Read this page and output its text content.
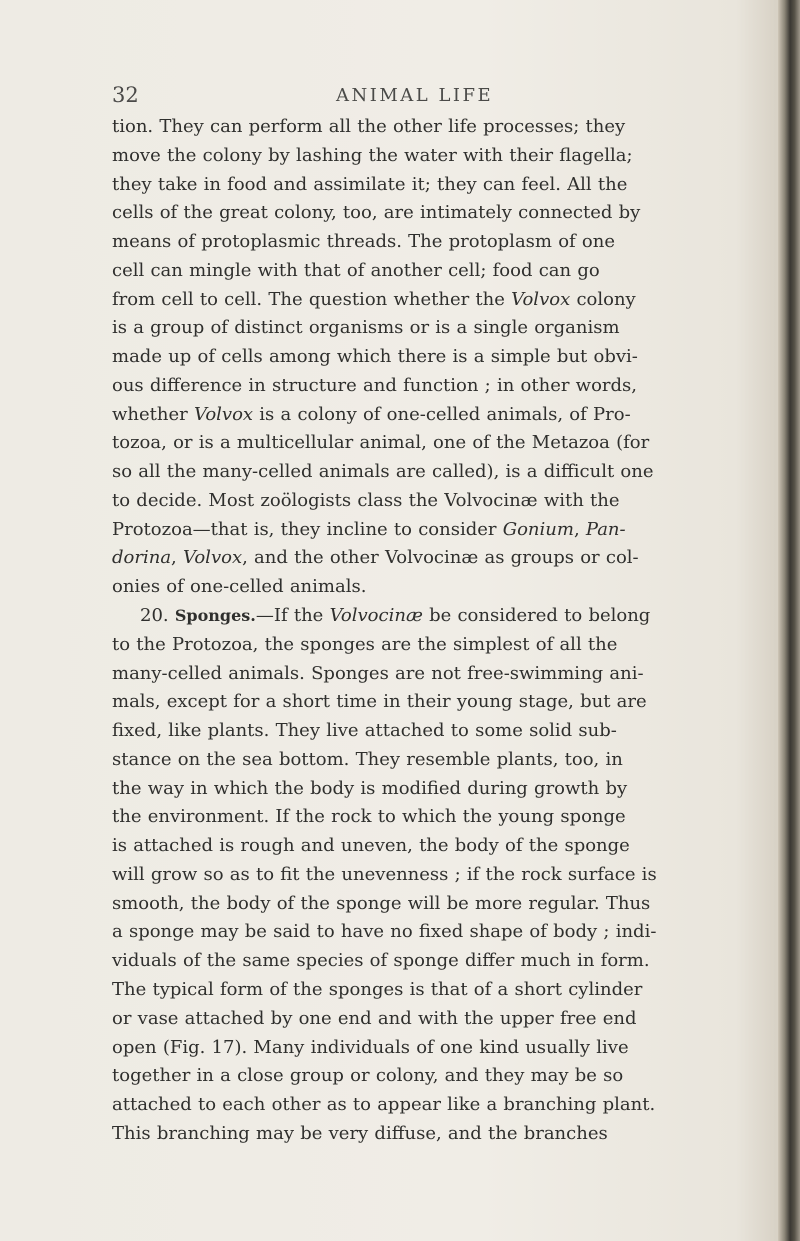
32	ANIMAL LIFE
tion. They can perform all the other life processes; they
move the colony by lashing the water with their flagella;
they take in food and assimilate it; they can feel. All the
cells of the great colony, too, are intimately connected by
means of protoplasmic threads. The protoplasm of one
cell can mingle with that of another cell; food can go
from cell to cell. The question whether the Volvox colony
is a group of distinct organisms or is a single organism
made up of cells among which there is a simple but obvi-
ous difference in structure and function ; in other words,
whether Volvox is a colony of one-celled animals, of Pro-
tozoa, or is a multicellular animal, one of the Metazoa (for
so all the many-celled animals are called), is a difficult one
to decide. Most zoölogists class the Volvocinæ with the
Protozoa—that is, they incline to consider Gonium, Pan-
dorina, Volvox, and the other Volvocinæ as groups or col-
onies of one-celled animals.
20. Sponges.—If the Volvocinæ be considered to belong
to the Protozoa, the sponges are the simplest of all the
many-celled animals. Sponges are not free-swimming ani-
mals, except for a short time in their young stage, but are
fixed, like plants. They live attached to some solid sub-
stance on the sea bottom. They resemble plants, too, in
the way in which the body is modified during growth by
the environment. If the rock to which the young sponge
is attached is rough and uneven, the body of the sponge
will grow so as to fit the unevenness ; if the rock surface is
smooth, the body of the sponge will be more regular. Thus
a sponge may be said to have no fixed shape of body ; indi-
viduals of the same species of sponge differ much in form.
The typical form of the sponges is that of a short cylinder
or vase attached by one end and with the upper free end
open (Fig. 17). Many individuals of one kind usually live
together in a close group or colony, and they may be so
attached to each other as to appear like a branching plant.
This branching may be very diffuse, and the branches
